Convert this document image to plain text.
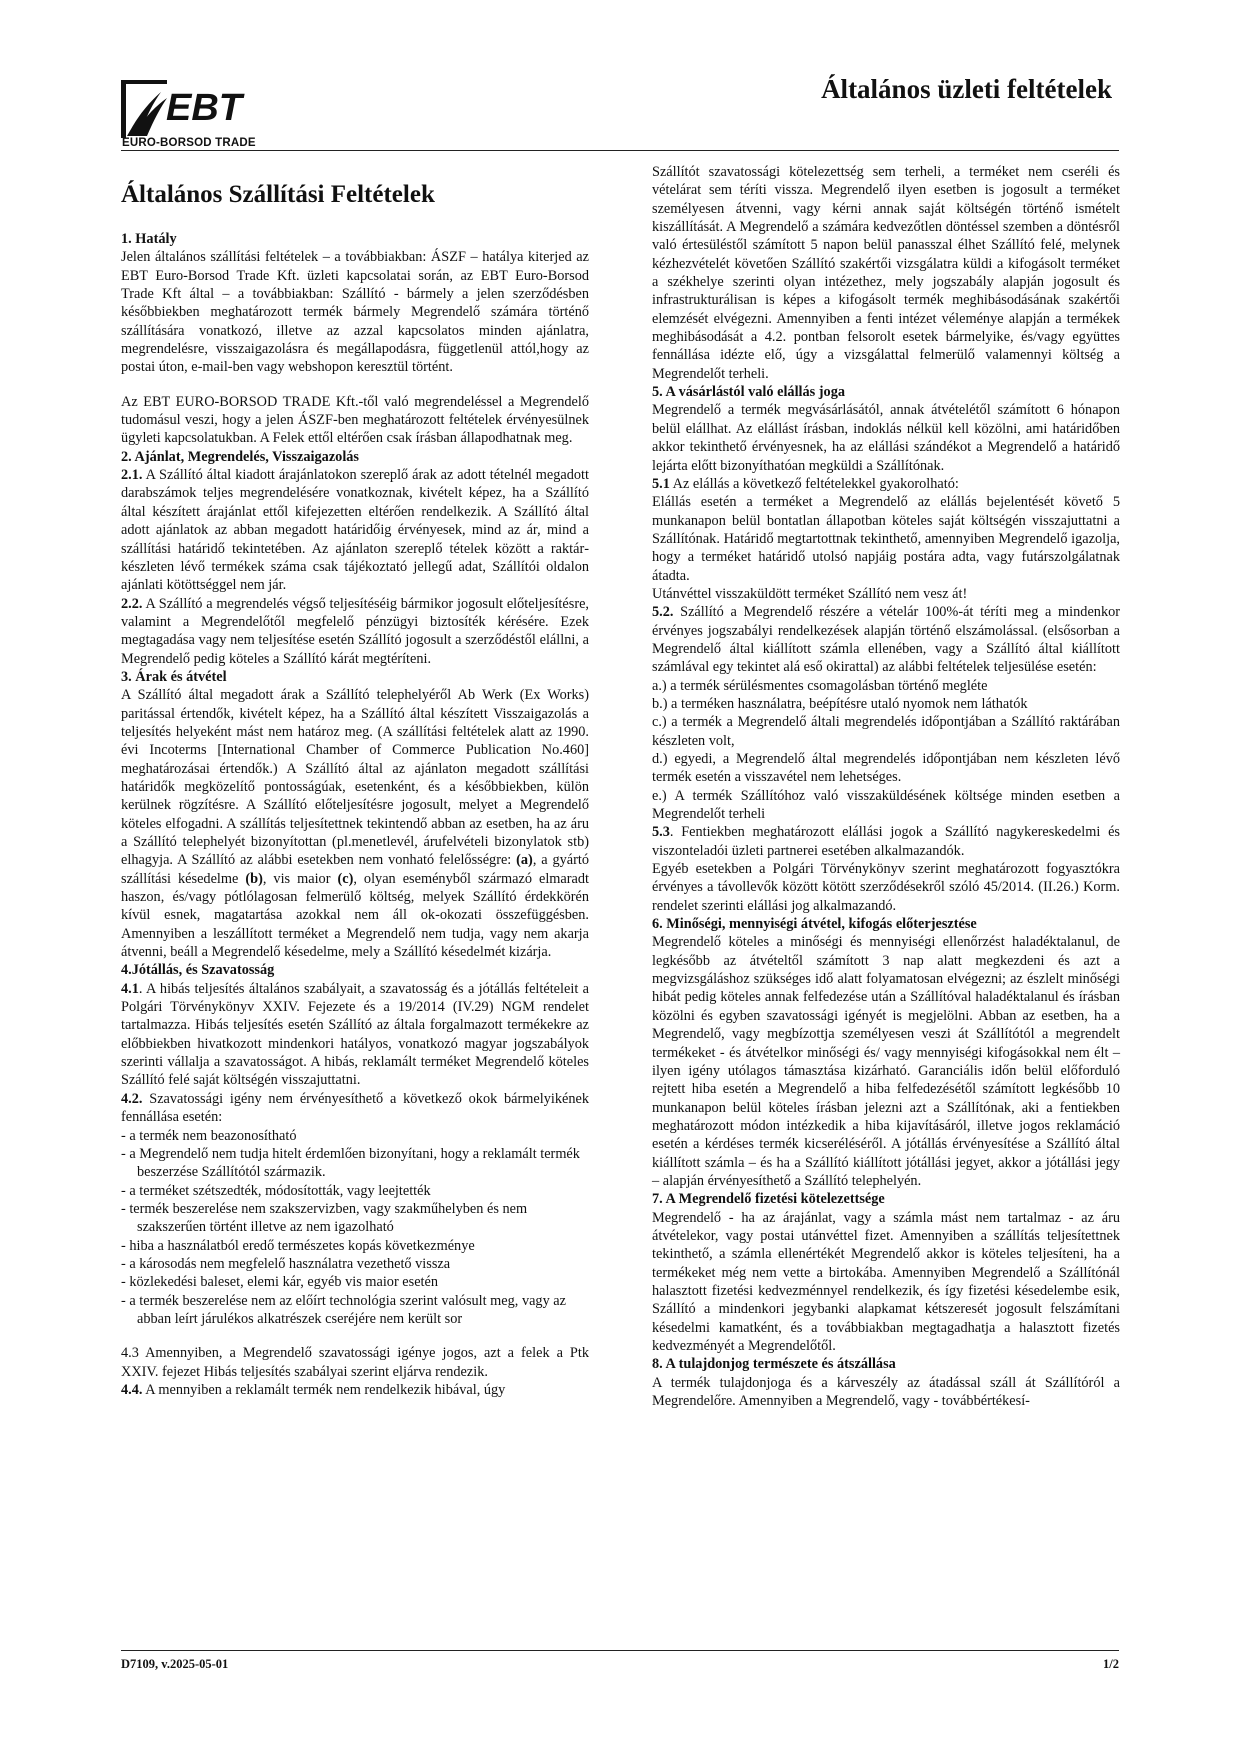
EBT
EURO-BORSOD TRADE
Általános üzleti feltételek
Általános Szállítási Feltételek

1. Hatály

Jelen általános szállítási feltételek – a továbbiakban: ÁSZF – hatálya kiterjed az EBT Euro-Borsod Trade Kft. üzleti kapcsolatai során, az EBT Euro-Borsod Trade Kft által – a továbbiakban: Szállító - bármely a jelen szerződésben későbbiekben meghatározott termék bármely Megrendelő számára történő szállítására vonatkozó, illetve az azzal kapcsolatos minden ajánlatra, megrendelésre, visszaigazolásra és megállapodásra, függetlenül attól,hogy az postai úton, e-mail-ben vagy webshopon keresztül történt.

Az EBT EURO-BORSOD TRADE Kft.-től való megrendeléssel a Megrendelő tudomásul veszi, hogy a jelen ÁSZF-ben meghatározott feltételek érvényesülnek ügyleti kapcsolatukban. A Felek ettől eltérően csak írásban állapodhatnak meg.

2. Ajánlat, Megrendelés, Visszaigazolás

2.1. A Szállító által kiadott árajánlatokon szereplő árak az adott tételnél megadott darabszámok teljes megrendelésére vonatkoznak, kivételt képez, ha a Szállító által készített árajánlat ettől kifejezetten eltérően rendelkezik. A Szállító által adott ajánlatok az abban megadott határidőig érvényesek, mind az ár, mind a szállítási határidő tekintetében. Az ajánlaton szereplő tételek között a raktárkészleten lévő termékek száma csak tájékoztató jellegű adat, Szállítói oldalon ajánlati kötöttséggel nem jár.

2.2. A Szállító a megrendelés végső teljesítéséig bármikor jogosult előteljesítésre, valamint a Megrendelőtől megfelelő pénzügyi biztosíték kérésére. Ezek megtagadása vagy nem teljesítése esetén Szállító jogosult a szerződéstől elállni, a Megrendelő pedig köteles a Szállító kárát megtéríteni.

3. Árak és átvétel

A Szállító által megadott árak a Szállító telephelyéről Ab Werk (Ex Works) paritással értendők, kivételt képez, ha a Szállító által készített Visszaigazolás a teljesítés helyeként mást nem határoz meg. (A szállítási feltételek alatt az 1990. évi Incoterms [International Chamber of Commerce Publication No.460] meghatározásai értendők.) A Szállító által az ajánlaton megadott szállítási határidők megközelítő pontosságúak, esetenként, és a későbbiekben, külön kerülnek rögzítésre. A Szállító előteljesítésre jogosult, melyet a Megrendelő köteles elfogadni. A szállítás teljesítettnek tekintendő abban az esetben, ha az áru a Szállító telephelyét bizonyítottan (pl.menetlevél, árufelvételi bizonylatok stb) elhagyja. A Szállító az alábbi esetekben nem vonható felelősségre: (a), a gyártó szállítási késedelme (b), vis maior (c), olyan eseményből származó elmaradt haszon, és/vagy pótlólagosan felmerülő költség, melyek Szállító érdekkörén kívül esnek, magatartása azokkal nem áll ok-okozati összefüggésben. Amennyiben a leszállított terméket a Megrendelő nem tudja, vagy nem akarja átvenni, beáll a Megrendelő késedelme, mely a Szállító késedelmét kizárja.

4.Jótállás, és Szavatosság

4.1. A hibás teljesítés általános szabályait, a szavatosság és a jótállás feltételeit a Polgári Törvénykönyv XXIV. Fejezete és a 19/2014 (IV.29) NGM rendelet tartalmazza. Hibás teljesítés esetén Szállító az általa forgalmazott termékekre az előbbiekben hivatkozott mindenkori hatályos, vonatkozó magyar jogszabályok szerinti vállalja a szavatosságot. A hibás, reklamált terméket Megrendelő köteles Szállító felé saját költségén visszajuttatni.

4.2. Szavatossági igény nem érvényesíthető a következő okok bármelyikének fennállása esetén:

- a termék nem beazonosítható

- a Megrendelő nem tudja hitelt érdemlően bizonyítani, hogy a reklamált termék beszerzése Szállítótól származik.

- a terméket szétszedték, módosították, vagy leejtették

- termék beszerelése nem szakszervizben, vagy szakműhelyben és nem szakszerűen történt illetve az nem igazolható

- hiba a használatból eredő természetes kopás következménye

- a károsodás nem megfelelő használatra vezethető vissza

- közlekedési baleset, elemi kár, egyéb vis maior esetén

- a termék beszerelése nem az előírt technológia szerint valósult meg, vagy az abban leírt járulékos alkatrészek cseréjére nem került sor

4.3 Amennyiben, a Megrendelő szavatossági igénye jogos, azt a felek a Ptk XXIV. fejezet Hibás teljesítés szabályai szerint eljárva rendezik.

4.4. A mennyiben a reklamált termék nem rendelkezik hibával, úgy

Szállítót szavatossági kötelezettség sem terheli, a terméket nem cseréli és vételárat sem téríti vissza. Megrendelő ilyen esetben is jogosult a terméket személyesen átvenni, vagy kérni annak saját költségén történő ismételt kiszállítását. A Megrendelő a számára kedvezőtlen döntéssel szemben a döntésről való értesüléstől számított 5 napon belül panasszal élhet Szállító felé, melynek kézhezvételét követően Szállító szakértői vizsgálatra küldi a kifogásolt terméket a székhelye szerinti olyan intézethez, mely jogszabály alapján jogosult és infrastrukturálisan is képes a kifogásolt termék meghibásodásának szakértői elemzését elvégezni. Amennyiben a fenti intézet véleménye alapján a termékek meghibásodását a 4.2. pontban felsorolt esetek bármelyike, és/vagy együttes fennállása idézte elő, úgy a vizsgálattal felmerülő valamennyi költség a Megrendelőt terheli.

5. A vásárlástól való elállás joga

Megrendelő a termék megvásárlásától, annak átvételétől számított 6 hónapon belül elállhat. Az elállást írásban, indoklás nélkül kell közölni, ami határidőben akkor tekinthető érvényesnek, ha az elállási szándékot a Megrendelő a határidő lejárta előtt bizonyíthatóan megküldi a Szállítónak.

5.1 Az elállás a következő feltételekkel gyakorolható:

Elállás esetén a terméket a Megrendelő az elállás bejelentését követő 5 munkanapon belül bontatlan állapotban köteles saját költségén visszajuttatni a Szállítónak. Határidő megtartottnak tekinthető, amennyiben Megrendelő igazolja, hogy a terméket határidő utolsó napjáig postára adta, vagy futárszolgálatnak átadta.

Utánvéttel visszaküldött terméket Szállító nem vesz át!

5.2. Szállító a Megrendelő részére a vételár 100%-át téríti meg a mindenkor érvényes jogszabályi rendelkezések alapján történő elszámolással. (elsősorban a Megrendelő által kiállított számla ellenében, vagy a Szállító által kiállított számlával egy tekintet alá eső okirattal) az alábbi feltételek teljesülése esetén:

a.) a termék sérülésmentes csomagolásban történő megléte

b.) a terméken használatra, beépítésre utaló nyomok nem láthatók

c.) a termék a Megrendelő általi megrendelés időpontjában a Szállító raktárában készleten volt,

d.) egyedi, a Megrendelő által megrendelés időpontjában nem készleten lévő termék esetén a visszavétel nem lehetséges.

e.) A termék Szállítóhoz való visszaküldésének költsége minden esetben a Megrendelőt terheli

5.3. Fentiekben meghatározott elállási jogok a Szállító nagykereskedelmi és viszonteladói üzleti partnerei esetében alkalmazandók.

Egyéb esetekben a Polgári Törvénykönyv szerint meghatározott fogyasztókra érvényes a távollevők között kötött szerződésekről szóló 45/2014. (II.26.) Korm. rendelet szerinti elállási jog alkalmazandó.

6. Minőségi, mennyiségi átvétel, kifogás előterjesztése

Megrendelő köteles a minőségi és mennyiségi ellenőrzést haladéktalanul, de legkésőbb az átvételtől számított 3 nap alatt megkezdeni és azt a megvizsgáláshoz szükséges idő alatt folyamatosan elvégezni; az észlelt minőségi hibát pedig köteles annak felfedezése után a Szállítóval haladéktalanul és írásban közölni és egyben szavatossági igényét is megjelölni. Abban az esetben, ha a Megrendelő, vagy megbízottja személyesen veszi át Szállítótól a megrendelt termékeket - és átvételkor minőségi és/ vagy mennyiségi kifogásokkal nem élt – ilyen igény utólagos támasztása kizárható. Garanciális időn belül előforduló rejtett hiba esetén a Megrendelő a hiba felfedezésétől számított legkésőbb 10 munkanapon belül köteles írásban jelezni azt a Szállítónak, aki a fentiekben meghatározott módon intézkedik a hiba kijavításáról, illetve jogos reklamáció esetén a kérdéses termék kicseréléséről. A jótállás érvényesítése a Szállító által kiállított számla – és ha a Szállító kiállított jótállási jegyet, akkor a jótállási jegy – alapján érvényesíthető a Szállító telephelyén.

7. A Megrendelő fizetési kötelezettsége

Megrendelő - ha az árajánlat, vagy a számla mást nem tartalmaz - az áru átvételekor, vagy postai utánvéttel fizet. Amennyiben a szállítás teljesítettnek tekinthető, a számla ellenértékét Megrendelő akkor is köteles teljesíteni, ha a termékeket még nem vette a birtokába. Amennyiben Megrendelő a Szállítónál halasztott fizetési kedvezménnyel rendelkezik, és így fizetési késedelembe esik, Szállító a mindenkori jegybanki alapkamat kétszeresét jogosult felszámítani késedelmi kamatként, és a továbbiakban megtagadhatja a halasztott fizetés kedvezményét a Megrendelőtől.

8. A tulajdonjog természete és átszállása

A termék tulajdonjoga és a kárveszély az átadással száll át Szállítóról a Megrendelőre. Amennyiben a Megrendelő, vagy - továbbértékesí-

D7109, v.2025-05-01	1/2
